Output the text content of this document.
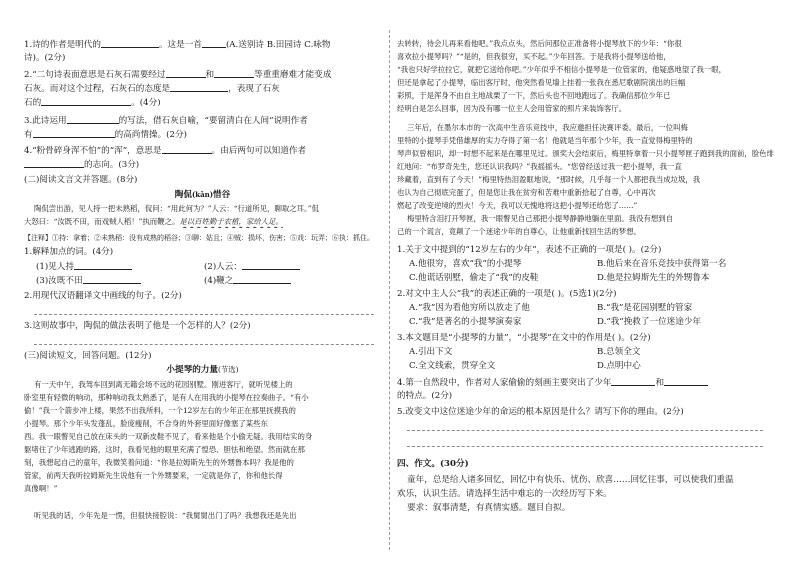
1.诗的作者是明代的	。这是一首	(A.送别诗 B.田园诗 C.咏物
诗)。(2分)
2.“二句诗表面意思是石灰石需要经过	和	等重重磨难才能变成
石灰。而对这个过程，石灰石的态度是	，表现了石灰
石的	。(4分)
3.此诗运用	的写法，借石灰自喻，“要留清白在人间”说明作者
有	的高尚情操。(2分)
4.“粉骨碎身浑不怕”的“浑”，意思是	。由后两句可以知道作者
的志向。(3分)
(二)阅读文言文并答题。(8分)
陶侃(kǎn)惜谷
陶侃尝出游，见人持一把未熟稻，侃问：“用此何为？”人云：“行道所见，聊取之耳。”侃
大怒曰：“汝既不田，而戏贼人稻！”执而鞭之。是以百姓勤于农植，家给人足。
【注释】①持：拿着；②未熟稻：没有成熟的稻谷；③聊：姑且；④贼：损坏，伤害；⑤戏：玩弄；⑥执：抓住。
1.解释加点的词。(4分)
(1)见人持	(2)人云：
(3)汝既不田	(4)鞭之
2.用现代汉语翻译文中画线的句子。(2分)
3.这则故事中，陶侃的做法表明了他是一个怎样的人？(2分)
(三)阅读短文，回答问题。(12分)
小提琴的力量(节选)
有一天中午，我驾车回到离无籍会场不远的花园别墅。刚进客厅，就听见楼上的
卧室里有轻微的响动，那种响动我太熟悉了，是有人在用我的小提琴在拉奏曲子。“有小
偷！”我一个箭步冲上楼，果然不出我所料，一个12岁左右的少年正在那里抚摸我的
小提琴。那个少年头发蓬乱，脸庞瘦削，不合身的外套里面好像塞了某些东
西。我一眼瞥见自己放在床头的一双新皮鞋不见了，看来他是个小偷无疑。我用结实的身
躯堵住了少年逃跑的路，这时，我看见他的眼里充满了惶恐、胆怯和绝望。然而就在那
刻，我想起自己的童年，我微笑着问道：“你是拉姆斯先生的外甥鲁本吗？我是他的
管家，前两天我听拉姆斯先生说他有一个外甥要来，一定就是你了，你和他长得
真像啊！”
听见我的话，少年先是一愣，但很快接腔说：“我舅舅出门了吗？我想我还是先出
去转转，待会儿再来看他吧。”我点点头，然后问那位正准备将小提琴放下的少年：“你很
喜欢拉小提琴吗？”“是的，但我很穷，买不起。”少年回答。于是我将小提琴送给他，
“我也只好学拉拉它，就把它送给你吧。”少年似乎不相信小提琴是一位管家的，他疑惑地望了我一眼，
但还是拿起了小提琴，临出客厅时，他突然看见墙上挂着一张我在悉尼歌剧院演出的巨幅
彩照，于是浑身不由自主地战栗了一下，然后头也不回地跑远了。我确信那位少年已
经明白是怎么回事，因为没有哪一位主人会用管家的照片来装饰客厅。
三年后，在墨尔本市的一次高中生音乐竞技中，我应邀担任决赛评委。最后，一位叫梅
里特的小提琴手凭借雄厚的实力夺得了第一名！他就是当年那个少年，我一直觉得梅里特的
琴声似曾相识，却一时想不起来是在哪里见过。颁奖大会结束后，梅里特拿着一只小提琴匣子跑到我的面前，脸色绯
红地问：“布罗奇先生，您还认识我吗？”我摇摇头。“您曾经送过我一把小提琴，我一直
珍藏着，直到有了今天！”梅里特热泪盈眶地说，“那时候，几乎每一个人都把我当成垃圾，我
也认为自己彻底完蛋了，但是您让我在贫穷和苦难中重新拾起了自尊，心中再次
燃起了改变逆境的烈火！今天，我可以无愧地将这把小提琴还给您了……”
梅里特含泪打开琴匣，我一眼瞥见自己那把小提琴静静地躺在里面。我没有想到自
己的一个谎言，竟颠了一个迷途少年的自尊心，让他重新找回生活的梦想。
1.关于文中提到的“12岁左右的少年”，表述不正确的一项是( )。(2分)
A.他很穷，喜欢“我”的小提琴	B.他后来在音乐竞技中获得第一名
C.他谎话别墅，偷走了“我”的皮鞋	D.他是拉姆斯先生的外甥鲁本
2.对文中主人公“我”的表述正确的一项是( )。(5选1)(2分)
A.“我”因为看他穷所以放走了他	B.“我”是花园别墅的管家
C.“我”是著名的小提琴演奏家	D.“我”挽救了一位迷途少年
3.本文题目是“小提琴的力量”，“小提琴”在文中的作用是( )。(2分)
A.引出下文	B.总领全文
C.全文线索，贯穿全文	D.点明中心
4.第一自然段中，作者对人家偷偷的刻画主要突出了少年	和
的特点。(2分)
5.改变文中这位迷途少年的命运的根本原因是什么？请写下你的理由。(2分)
四、作文。(30分)
童年，总是给人诸多回忆，回忆中有快乐、忧伤、欣喜……回忆往事，可以使我们重温
欢乐，认识生活。请选择生活中难忘的一次经历写下来。
要求：叙事清楚，有真情实感。题目自拟。
